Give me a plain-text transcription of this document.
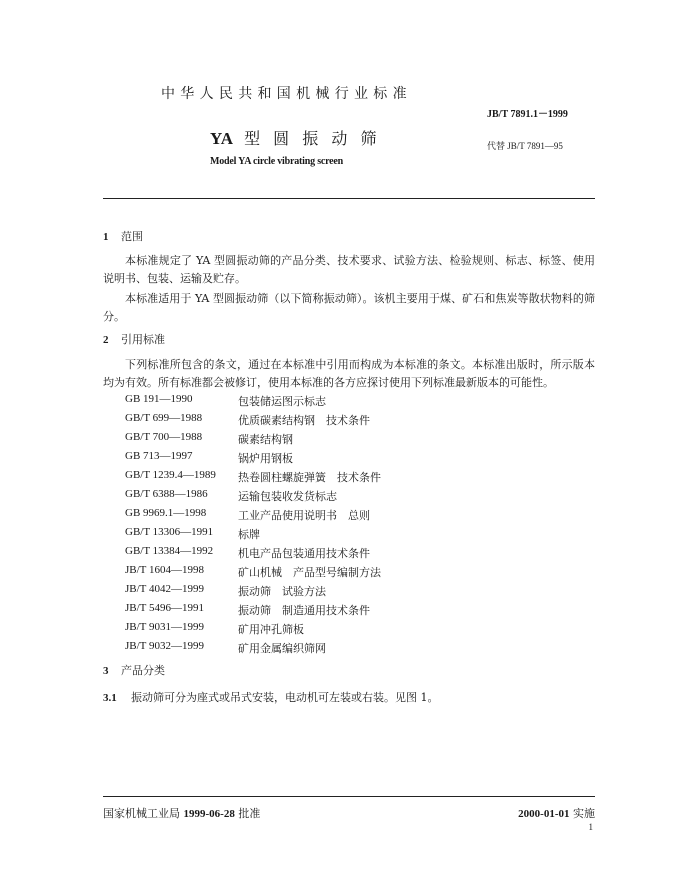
中华人民共和国机械行业标准
JB/T 7891.1－1999
YA 型 圆 振 动 筛	代替 JB/T 7891—95
Model YA circle vibrating screen
1 范围
本标准规定了 YA 型圆振动筛的产品分类、技术要求、试验方法、检验规则、标志、标签、使用说明书、包装、运输及贮存。
本标准适用于 YA 型圆振动筛（以下简称振动筛）。该机主要用于煤、矿石和焦炭等散状物料的筛分。
2 引用标准
下列标准所包含的条文，通过在本标准中引用而构成为本标准的条文。本标准出版时，所示版本均为有效。所有标准都会被修订，使用本标准的各方应探讨使用下列标准最新版本的可能性。
GB 191—1990	包装储运图示标志
GB/T 699—1988	优质碳素结构钢　技术条件
GB/T 700—1988	碳素结构钢
GB 713—1997	锅炉用钢板
GB/T 1239.4—1989	热卷圆柱螺旋弹簧　技术条件
GB/T 6388—1986	运输包装收发货标志
GB 9969.1—1998	工业产品使用说明书　总则
GB/T 13306—1991	标牌
GB/T 13384—1992	机电产品包装通用技术条件
JB/T 1604—1998	矿山机械　产品型号编制方法
JB/T 4042—1999	振动筛　试验方法
JB/T 5496—1991	振动筛　制造通用技术条件
JB/T 9031—1999	矿用冲孔筛板
JB/T 9032—1999	矿用金属编织筛网
3 产品分类
3.1 振动筛可分为座式或吊式安装，电动机可左装或右装。见图 1。
国家机械工业局 1999-06-28 批准	2000-01-01 实施
1
